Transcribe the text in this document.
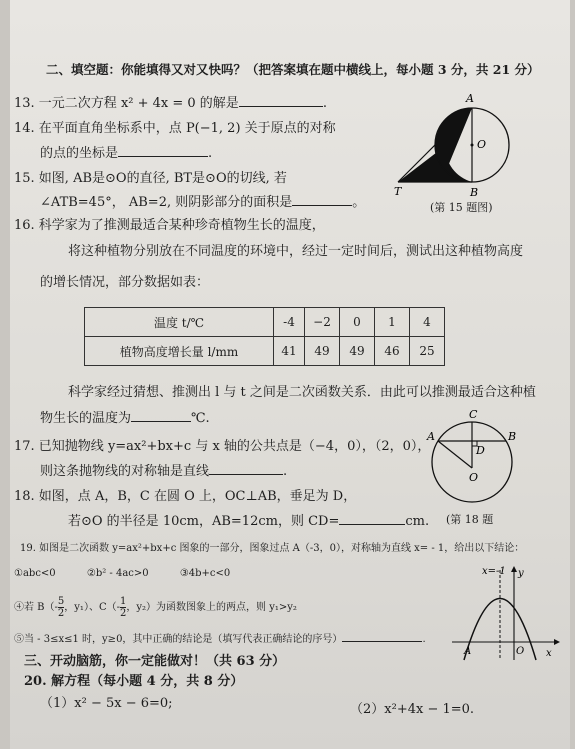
二、填空题：你能填得又对又快吗？（把答案填在题中横线上，每小题 3 分，共 21 分）
13. 一元二次方程 x² + 4x = 0 的解是	.
14. 在平面直角坐标系中，点 P(−1, 2) 关于原点的对称
的点的坐标是	.
15. 如图, AB是⊙O的直径, BT是⊙O的切线, 若
∠ATB=45°， AB=2, 则阴影部分的面积是	。
A
O
T	B
(第 15 题图)
16. 科学家为了推测最适合某种珍奇植物生长的温度，
将这种植物分别放在不同温度的环境中，经过一定时间后，测试出这种植物高度
的增长情况，部分数据如表：
温度 t/℃	-4	−2	0	1	4
植物高度增长量 l/mm	41	49	49	46	25
科学家经过猜想、推测出 l 与 t 之间是二次函数关系．由此可以推测最适合这种植
物生长的温度为	℃.
17. 已知抛物线 y=ax²+bx+c 与 x 轴的公共点是（−4，0），（2，0），
则这条抛物线的对称轴是直线	.
18. 如图，点 A，B，C 在圆 O 上，OC⊥AB，垂足为 D，
若⊙O 的半径是 10cm，AB=12cm，则 CD=	cm.
C
A	B
D
O
(第 18 题
19. 如图是二次函数 y=ax²+bx+c 图象的一部分，图象过点 A（-3，0），对称轴为直线 x= - 1，给出以下结论：
①abc<0	②b² - 4ac>0	③4b+c<0
④若 $B(- \frac{5}{2}$ ，y₁）、$C(- \frac{1}{2}$ ，y₂）为函数图象上的两点，则 y₁>y₂
⑤当 - 3≤x≤1 时，y≥0，其中正确的结论是（填写代表正确结论的序号）	.
x=-1 y
A	O x
三、开动脑筋，你一定能做对！（共 63 分）
20. 解方程（每小题 4 分，共 8 分）
（1）x² − 5x − 6=0;	（2）x²+4x − 1=0.
